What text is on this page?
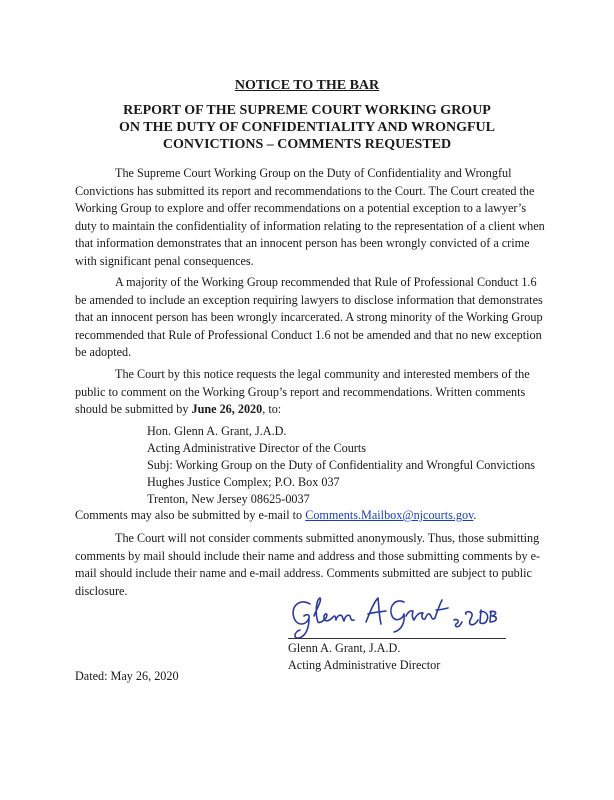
NOTICE TO THE BAR
REPORT OF THE SUPREME COURT WORKING GROUP
ON THE DUTY OF CONFIDENTIALITY AND WRONGFUL
CONVICTIONS – COMMENTS REQUESTED

The Supreme Court Working Group on the Duty of Confidentiality and Wrongful Convictions has submitted its report and recommendations to the Court. The Court created the Working Group to explore and offer recommendations on a potential exception to a lawyer’s duty to maintain the confidentiality of information relating to the representation of a client when that information demonstrates that an innocent person has been wrongly convicted of a crime with significant penal consequences.

A majority of the Working Group recommended that Rule of Professional Conduct 1.6 be amended to include an exception requiring lawyers to disclose information that demonstrates that an innocent person has been wrongly incarcerated. A strong minority of the Working Group recommended that Rule of Professional Conduct 1.6 not be amended and that no new exception be adopted.

The Court by this notice requests the legal community and interested members of the public to comment on the Working Group’s report and recommendations. Written comments should be submitted by June 26, 2020, to:

Hon. Glenn A. Grant, J.A.D.
Acting Administrative Director of the Courts
Subj: Working Group on the Duty of Confidentiality and Wrongful Convictions
Hughes Justice Complex; P.O. Box 037
Trenton, New Jersey 08625-0037
Comments may also be submitted by e-mail to Comments.Mailbox@njcourts.gov.

The Court will not consider comments submitted anonymously. Thus, those submitting comments by mail should include their name and address and those submitting comments by e-mail should include their name and e-mail address. Comments submitted are subject to public disclosure.

Glenn A. Grant, J.A.D.
Acting Administrative Director
Dated: May 26, 2020
